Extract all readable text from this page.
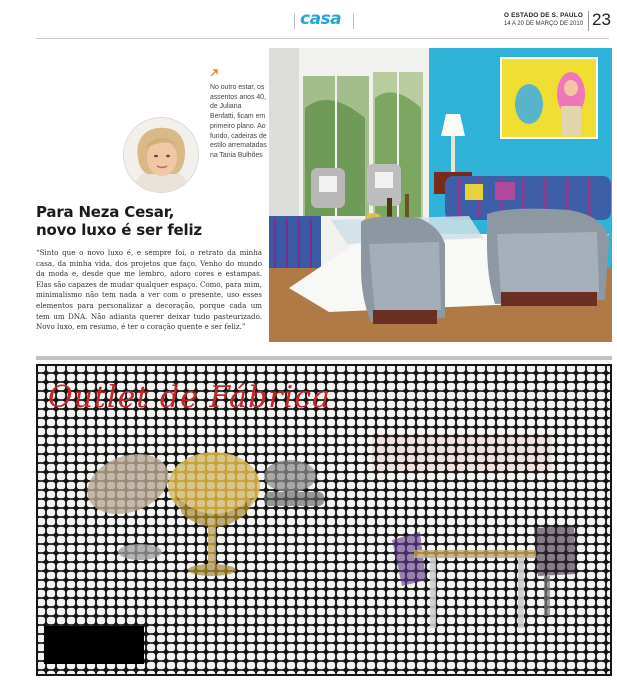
casa	O ESTADO DE S. PAULO
14 A 20 DE MARÇO DE 2010 23

No outro estar, os assentos anos 40, de Juliana Benfatti, ficam em primeiro plano. Ao fundo, cadeiras de estilo arrematadas na Tania Bulhões

Para Neza Cesar,
novo luxo é ser feliz

“Sinto que o novo luxo é, e sempre foi, o retrato da minha casa, da minha vida, dos projetos que faço. Venho do mundo da moda e, desde que me lembro, adoro cores e estampas. Elas são capazes de mudar qualquer espaço. Como, para mim, minimalismo não tem nada a ver com o presente, uso esses elementos para personalizar a decoração, porque cada um tem um DNA. Não adianta querer deixar tudo pasteurizado. Novo luxo, em resumo, é ter o coração quente e ser feliz.”

Outlet de Fábrica
